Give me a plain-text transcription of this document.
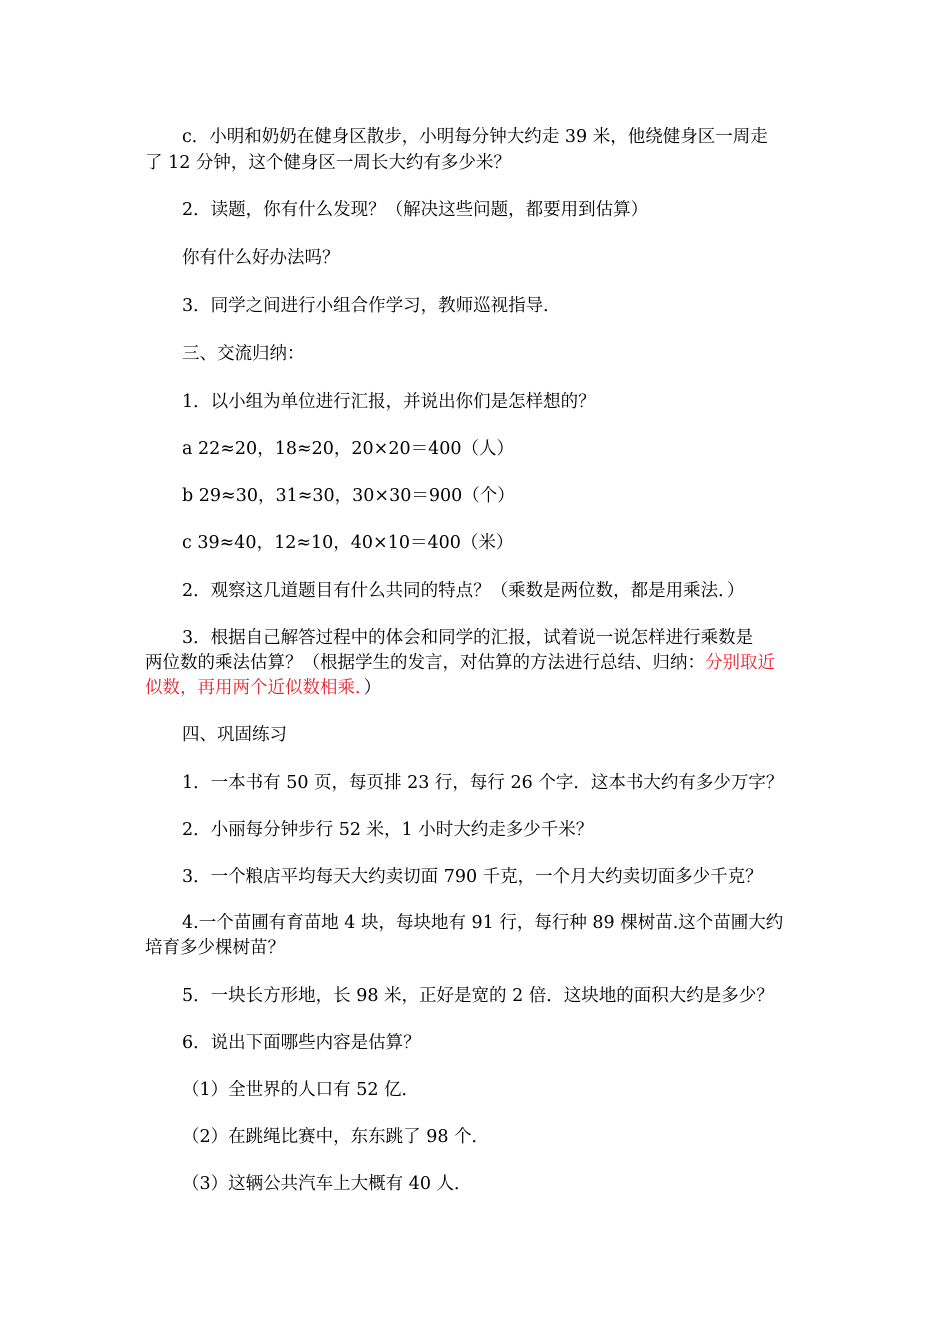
c．小明和奶奶在健身区散步，小明每分钟大约走 39 米，他绕健身区一周走
了 12 分钟，这个健身区一周长大约有多少米？
2．读题，你有什么发现？（解决这些问题，都要用到估算）
你有什么好办法吗？
3．同学之间进行小组合作学习，教师巡视指导．
三、交流归纳：
1．以小组为单位进行汇报，并说出你们是怎样想的？
a 22≈20，18≈20，20×20＝400（人）
b 29≈30，31≈30，30×30＝900（个）
c 39≈40，12≈10，40×10＝400（米）
2．观察这几道题目有什么共同的特点？（乘数是两位数，都是用乘法．）
3．根据自己解答过程中的体会和同学的汇报，试着说一说怎样进行乘数是
两位数的乘法估算？（根据学生的发言，对估算的方法进行总结、归纳：分别取近
似数，再用两个近似数相乘．）
四、巩固练习
1．一本书有 50 页，每页排 23 行，每行 26 个字．这本书大约有多少万字？
2．小丽每分钟步行 52 米，1 小时大约走多少千米？
3．一个粮店平均每天大约卖切面 790 千克，一个月大约卖切面多少千克？
4.一个苗圃有育苗地 4 块，每块地有 91 行，每行种 89 棵树苗.这个苗圃大约
培育多少棵树苗？
5．一块长方形地，长 98 米，正好是宽的 2 倍．这块地的面积大约是多少？
6．说出下面哪些内容是估算？
（1）全世界的人口有 52 亿．
（2）在跳绳比赛中，东东跳了 98 个．
（3）这辆公共汽车上大概有 40 人．
